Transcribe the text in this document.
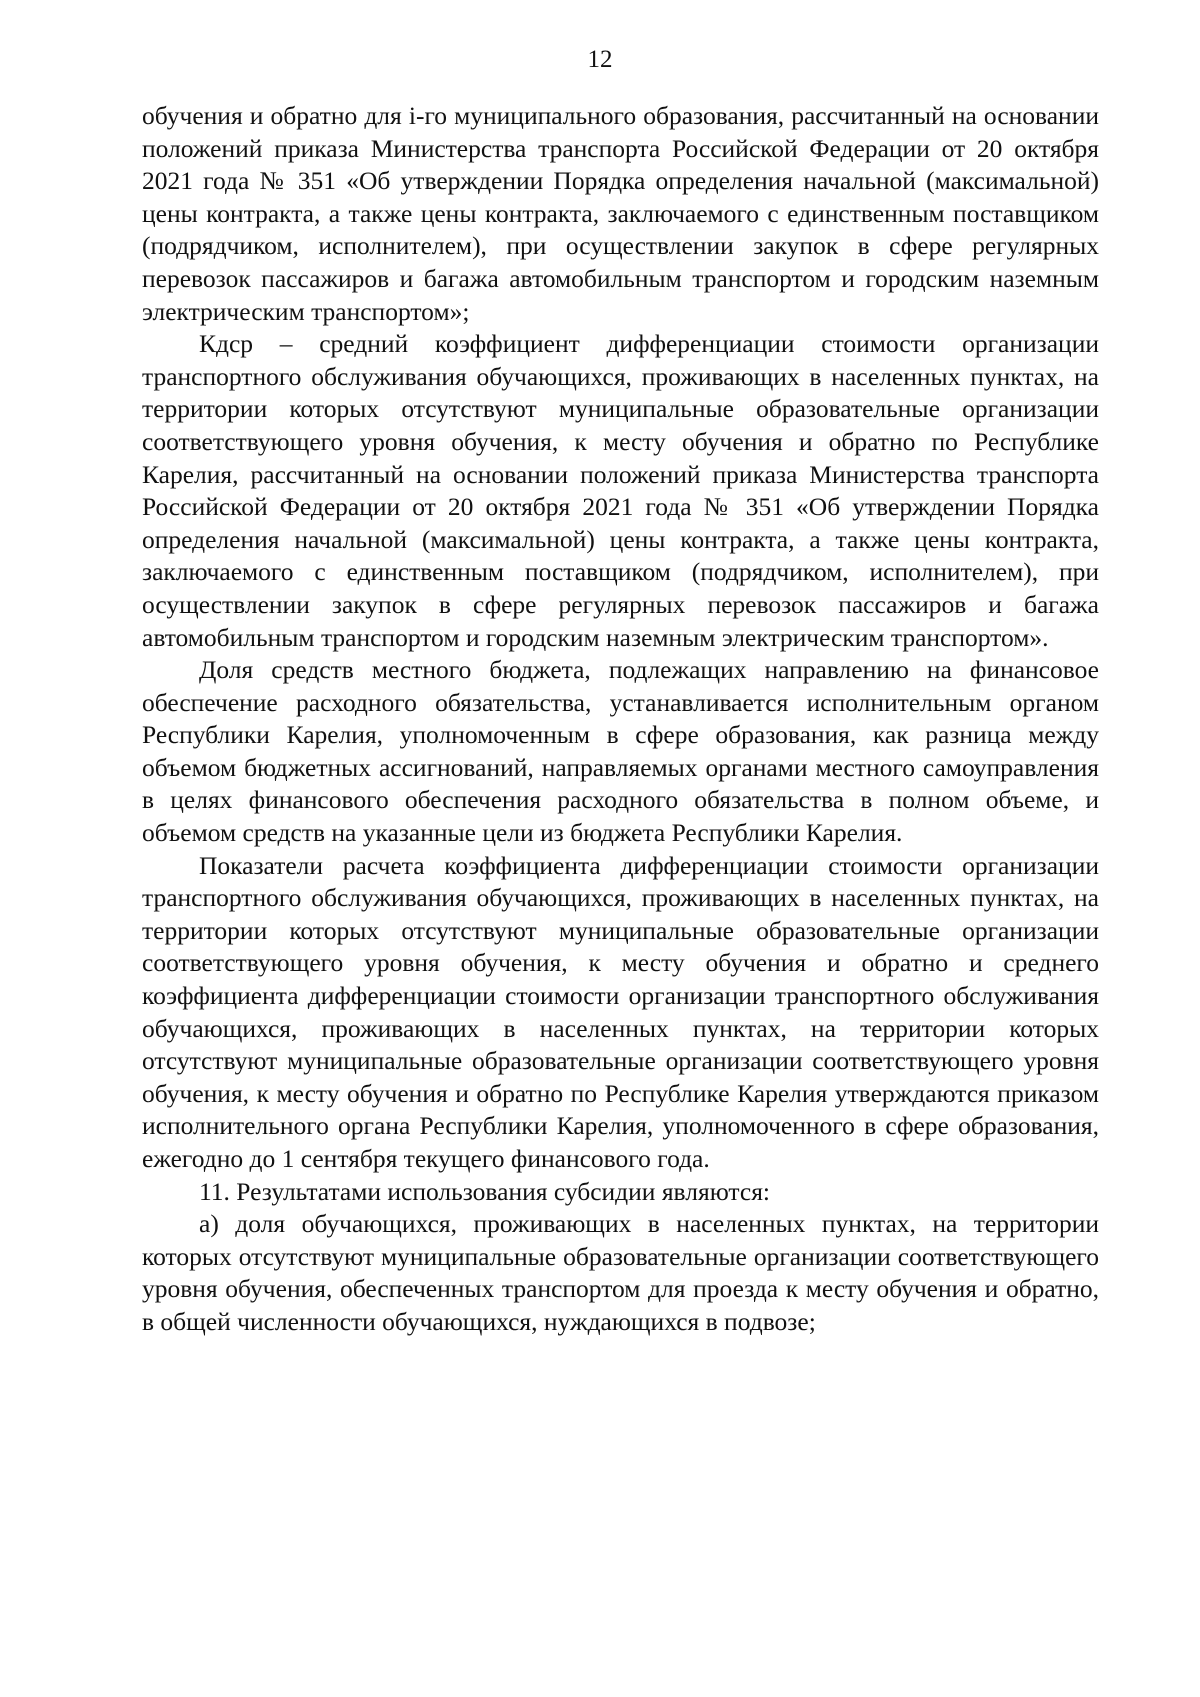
12

обучения и обратно для i-го муниципального образования, рассчитанный на основании положений приказа Министерства транспорта Российской Федерации от 20 октября 2021 года № 351 «Об утверждении Порядка определения начальной (максимальной) цены контракта, а также цены контракта, заключаемого с единственным поставщиком (подрядчиком, исполнителем), при осуществлении закупок в сфере регулярных перевозок пассажиров и багажа автомобильным транспортом и городским наземным электрическим транспортом»;

Кдср – средний коэффициент дифференциации стоимости организации транспортного обслуживания обучающихся, проживающих в населенных пунктах, на территории которых отсутствуют муниципальные образовательные организации соответствующего уровня обучения, к месту обучения и обратно по Республике Карелия, рассчитанный на основании положений приказа Министерства транспорта Российской Федерации от 20 октября 2021 года № 351 «Об утверждении Порядка определения начальной (максимальной) цены контракта, а также цены контракта, заключаемого с единственным поставщиком (подрядчиком, исполнителем), при осуществлении закупок в сфере регулярных перевозок пассажиров и багажа автомобильным транспортом и городским наземным электрическим транспортом».

Доля средств местного бюджета, подлежащих направлению на финансовое обеспечение расходного обязательства, устанавливается исполнительным органом Республики Карелия, уполномоченным в сфере образования, как разница между объемом бюджетных ассигнований, направляемых органами местного самоуправления в целях финансового обеспечения расходного обязательства в полном объеме, и объемом средств на указанные цели из бюджета Республики Карелия.

Показатели расчета коэффициента дифференциации стоимости организации транспортного обслуживания обучающихся, проживающих в населенных пунктах, на территории которых отсутствуют муниципальные образовательные организации соответствующего уровня обучения, к месту обучения и обратно и среднего коэффициента дифференциации стоимости организации транспортного обслуживания обучающихся, проживающих в населенных пунктах, на территории которых отсутствуют муниципальные образовательные организации соответствующего уровня обучения, к месту обучения и обратно по Республике Карелия утверждаются приказом исполнительного органа Республики Карелия, уполномоченного в сфере образования, ежегодно до 1 сентября текущего финансового года.

11. Результатами использования субсидии являются:

а) доля обучающихся, проживающих в населенных пунктах, на территории которых отсутствуют муниципальные образовательные организации соответствующего уровня обучения, обеспеченных транспортом для проезда к месту обучения и обратно, в общей численности обучающихся, нуждающихся в подвозе;
